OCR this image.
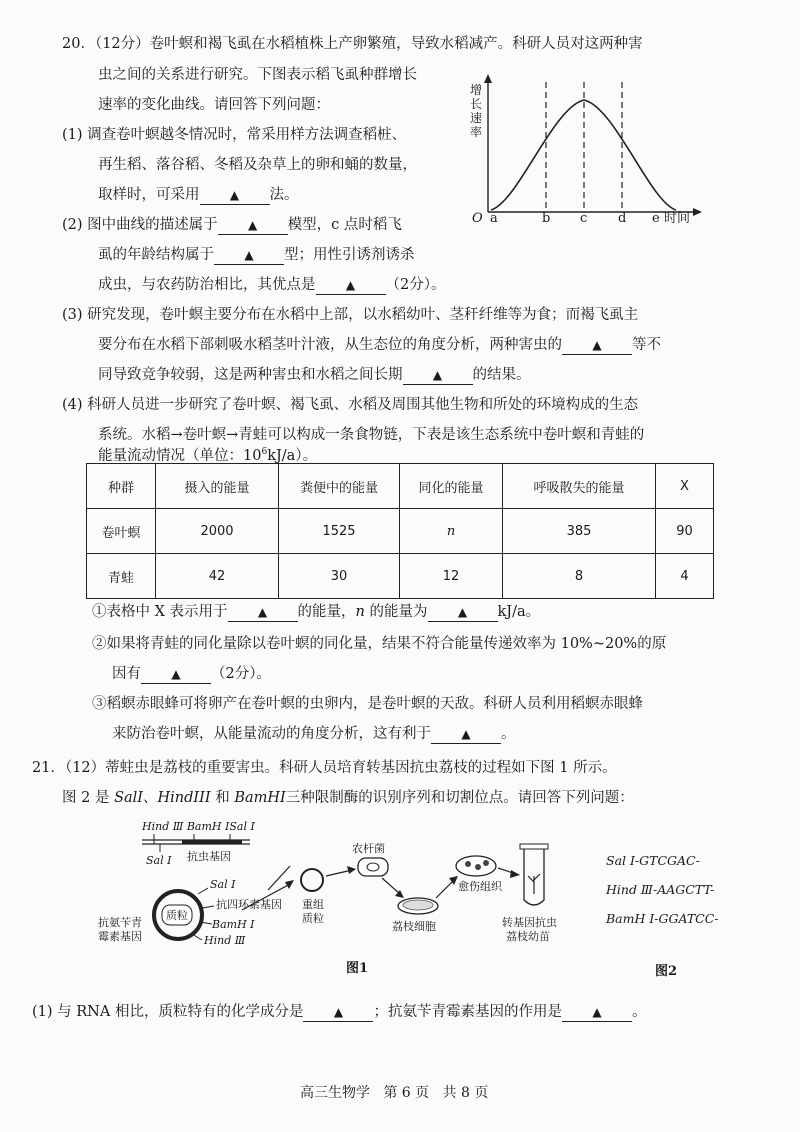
20．（12分）卷叶螟和褐飞虱在水稻植株上产卵繁殖，导致水稻减产。科研人员对这两种害
虫之间的关系进行研究。下图表示稻飞虱种群增长
速率的变化曲线。请回答下列问题：
(1) 调查卷叶螟越冬情况时，常采用样方法调查稻桩、
再生稻、落谷稻、冬稻及杂草上的卵和蛹的数量，
取样时，可采用	▲ 法。
(2) 图中曲线的描述属于	▲ 模型，c 点时稻飞
虱的年龄结构属于	▲ 型；用性引诱剂诱杀
成虫，与农药防治相比，其优点是	▲ （2分）。
增
长
速
率
O a	b c d e 时间
(3) 研究发现，卷叶螟主要分布在水稻中上部，以水稻幼叶、茎秆纤维等为食；而褐飞虱主
要分布在水稻下部刺吸水稻茎叶汁液，从生态位的角度分析，两种害虫的	▲ 等不
同导致竞争较弱，这是两种害虫和水稻之间长期	▲ 的结果。
(4) 科研人员进一步研究了卷叶螟、褐飞虱、水稻及周围其他生物和所处的环境构成的生态
系统。水稻→卷叶螟→青蛙可以构成一条食物链，下表是该生态系统中卷叶螟和青蛙的
能量流动情况（单位：$10^6kJ/a$）。
种群	摄入的能量	粪便中的能量	同化的能量	呼吸散失的能量	X
卷叶螟	2000	1525	n	385	90
青蛙	42	30	12	8	4
①表格中 X 表示用于	▲ 的能量，n 的能量为	▲ kJ/a。
②如果将青蛙的同化量除以卷叶螟的同化量，结果不符合能量传递效率为 10%~20%的原
因有	▲ （2分）。
③稻螟赤眼蜂可将卵产在卷叶螟的虫卵内，是卷叶螟的天敌。科研人员利用稻螟赤眼蜂
来防治卷叶螟，从能量流动的角度分析，这有利于	▲ 。
21．（12）蒂蛀虫是荔枝的重要害虫。科研人员培育转基因抗虫荔枝的过程如下图 1 所示。
图 2 是 SalI、HindIII 和 BamHI三种限制酶的识别序列和切割位点。请回答下列问题：
Hind Ⅲ BamH ⅠSal Ⅰ
抗虫基因
Sal Ⅰ
质粒
Sal Ⅰ
抗四环素基因
BamH Ⅰ
Hind Ⅲ
抗氨苄青
霉素基因
重组
质粒
农杆菌
荔枝细胞
愈伤组织
转基因抗虫
荔枝幼苗
图1
Sal Ⅰ-GTCGAC-
Hind Ⅲ-AAGCTT-
BamH Ⅰ-GGATCC-
图2
(1) 与 RNA 相比，质粒特有的化学成分是	▲ ；抗氨苄青霉素基因的作用是	▲ 。
高三生物学 第 6 页 共 8 页
